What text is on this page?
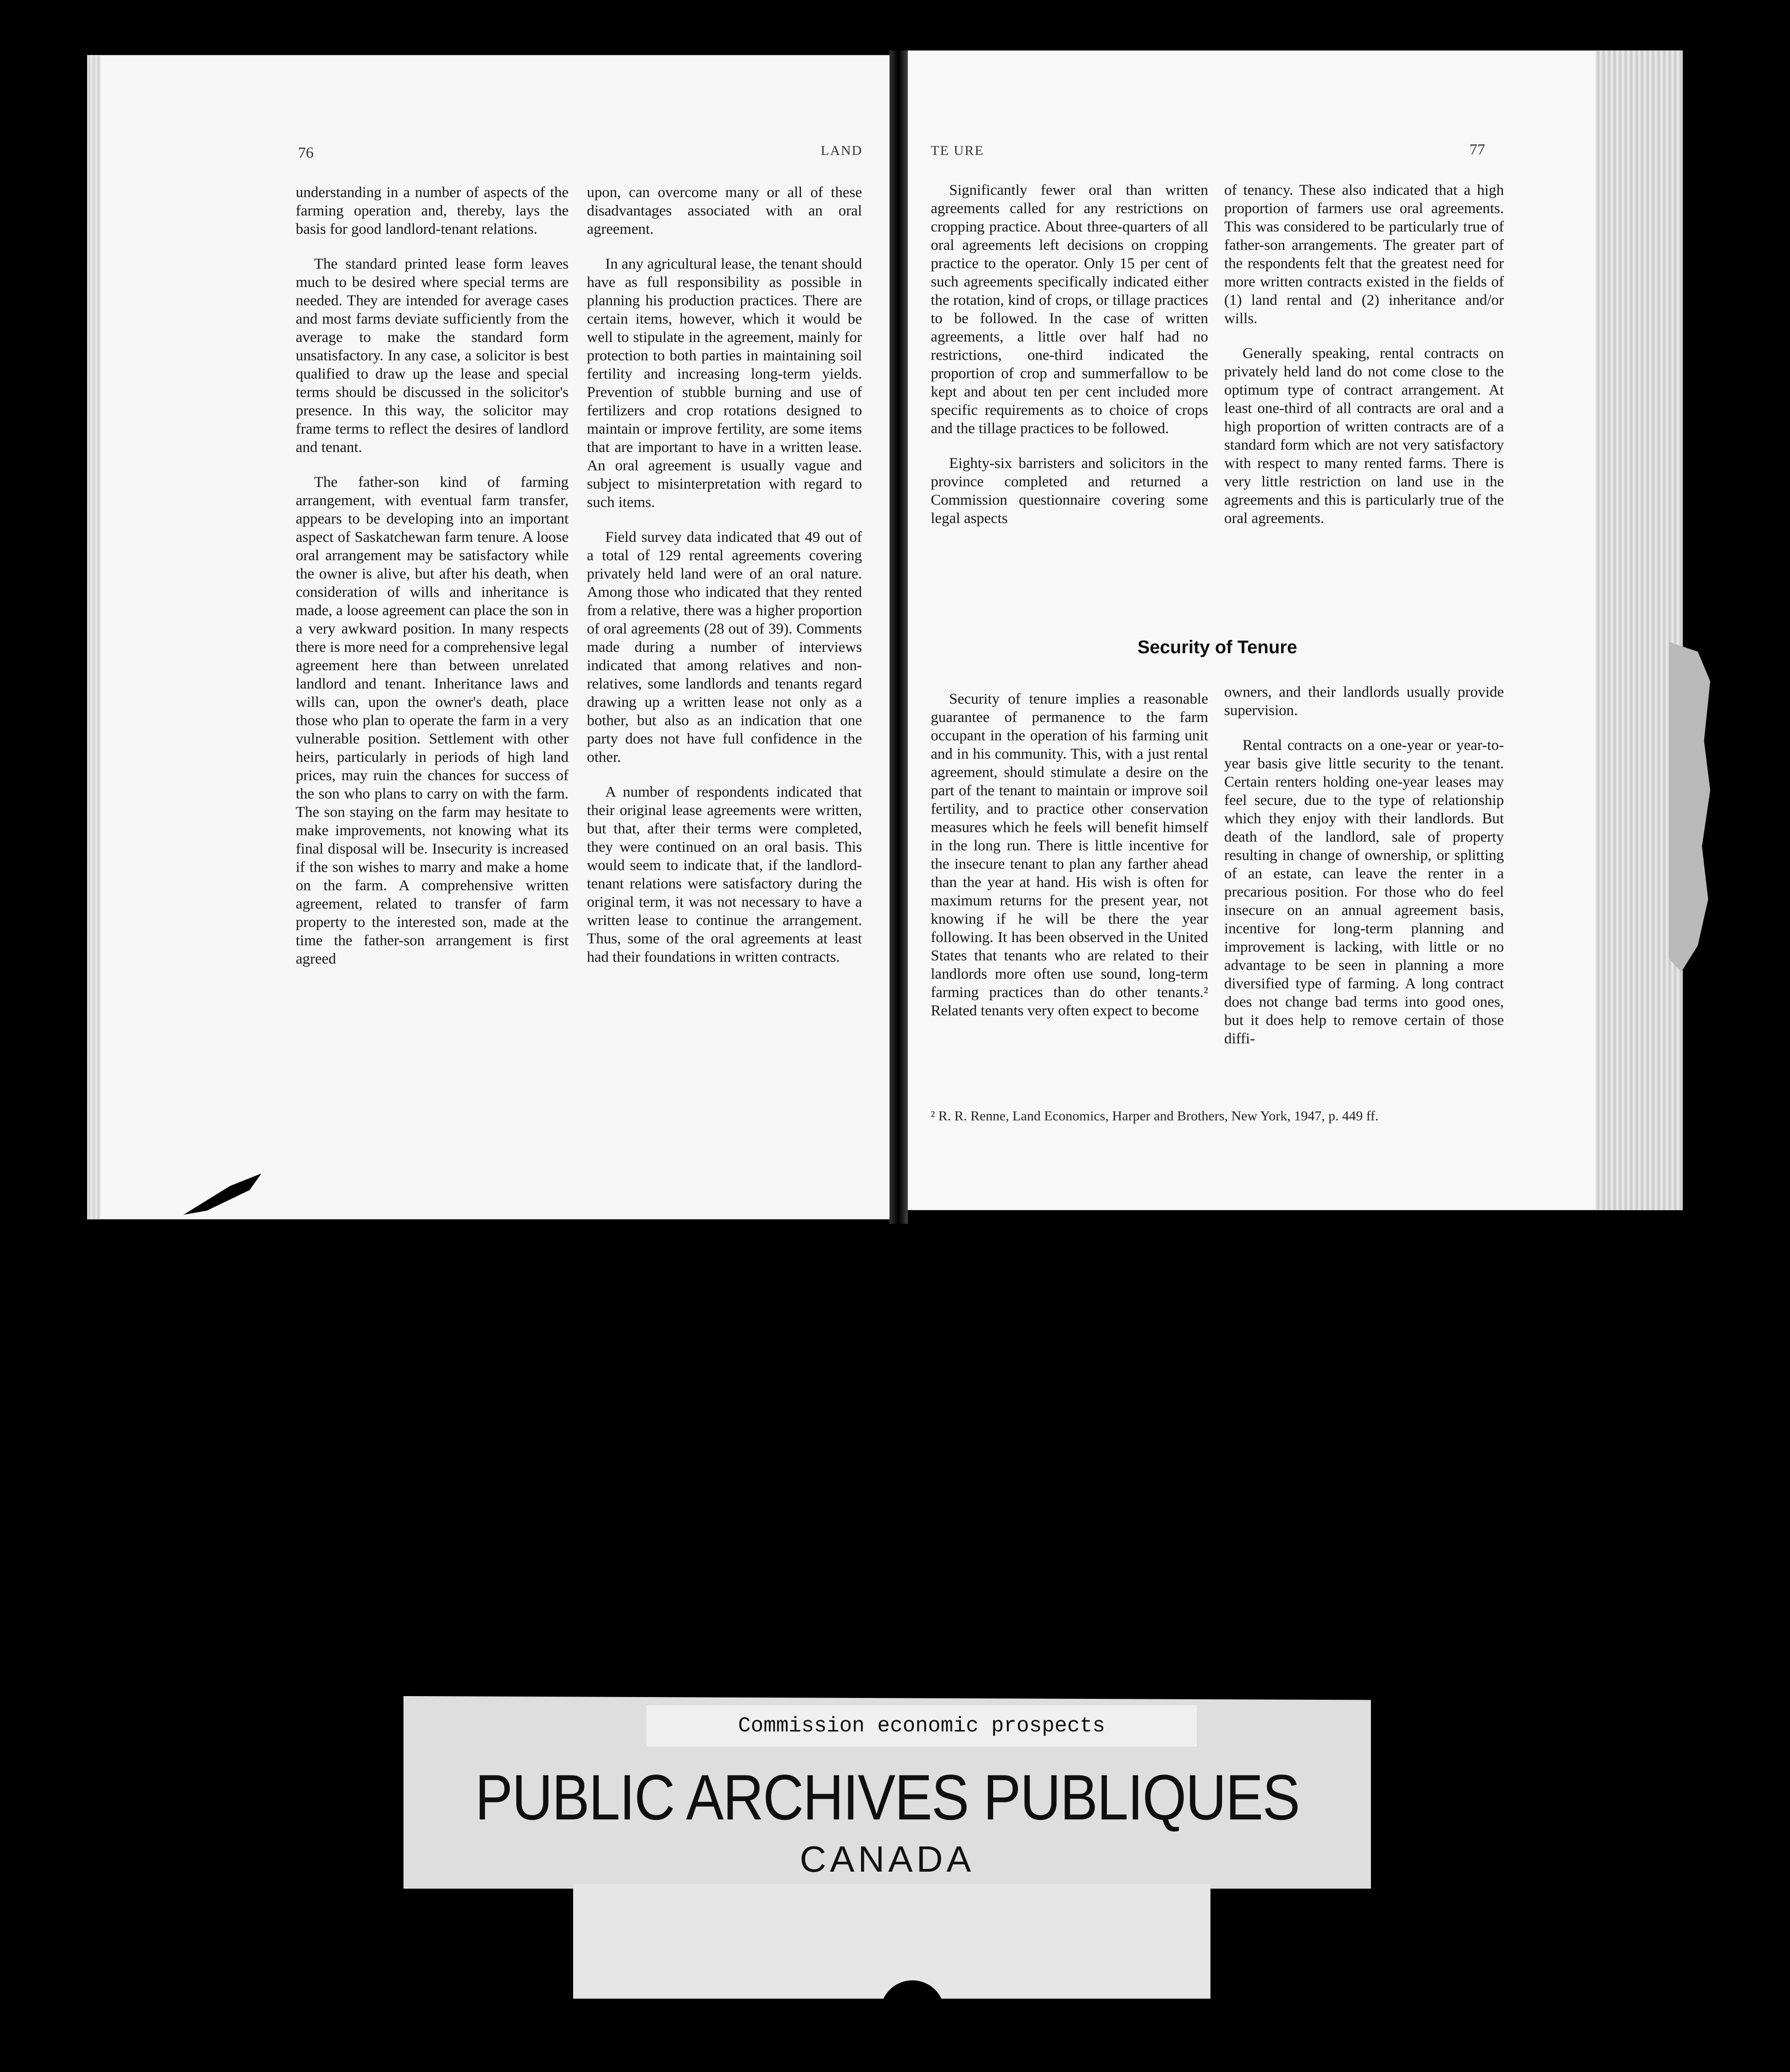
76	LAND	TE URE	77

understanding in a number of aspects of the farming operation and, thereby, lays the basis for good landlord-tenant relations.

The standard printed lease form leaves much to be desired where special terms are needed. They are intended for average cases and most farms deviate sufficiently from the average to make the standard form unsatisfactory. In any case, a solicitor is best qualified to draw up the lease and special terms should be discussed in the solicitor's presence. In this way, the solicitor may frame terms to reflect the desires of landlord and tenant.

The father-son kind of farming arrangement, with eventual farm transfer, appears to be developing into an important aspect of Saskatchewan farm tenure. A loose oral arrangement may be satisfactory while the owner is alive, but after his death, when consideration of wills and inheritance is made, a loose agreement can place the son in a very awkward position. In many respects there is more need for a comprehensive legal agreement here than between unrelated landlord and tenant. Inheritance laws and wills can, upon the owner's death, place those who plan to operate the farm in a very vulnerable position. Settlement with other heirs, particularly in periods of high land prices, may ruin the chances for success of the son who plans to carry on with the farm. The son staying on the farm may hesitate to make improvements, not knowing what its final disposal will be. Insecurity is increased if the son wishes to marry and make a home on the farm. A comprehensive written agreement, related to transfer of farm property to the interested son, made at the time the father-son arrangement is first agreed

upon, can overcome many or all of these disadvantages associated with an oral agreement.

In any agricultural lease, the tenant should have as full responsibility as possible in planning his production practices. There are certain items, however, which it would be well to stipulate in the agreement, mainly for protection to both parties in maintaining soil fertility and increasing long-term yields. Prevention of stubble burning and use of fertilizers and crop rotations designed to maintain or improve fertility, are some items that are important to have in a written lease. An oral agreement is usually vague and subject to misinterpretation with regard to such items.

Field survey data indicated that 49 out of a total of 129 rental agreements covering privately held land were of an oral nature. Among those who indicated that they rented from a relative, there was a higher proportion of oral agreements (28 out of 39). Comments made during a number of interviews indicated that among relatives and non-relatives, some landlords and tenants regard drawing up a written lease not only as a bother, but also as an indication that one party does not have full confidence in the other.

A number of respondents indicated that their original lease agreements were written, but that, after their terms were completed, they were continued on an oral basis. This would seem to indicate that, if the landlord-tenant relations were satisfactory during the original term, it was not necessary to have a written lease to continue the arrangement. Thus, some of the oral agreements at least had their foundations in written contracts.

Significantly fewer oral than written agreements called for any restrictions on cropping practice. About three-quarters of all oral agreements left decisions on cropping practice to the operator. Only 15 per cent of such agreements specifically indicated either the rotation, kind of crops, or tillage practices to be followed. In the case of written agreements, a little over half had no restrictions, one-third indicated the proportion of crop and summerfallow to be kept and about ten per cent included more specific requirements as to choice of crops and the tillage practices to be followed.

Eighty-six barristers and solicitors in the province completed and returned a Commission questionnaire covering some legal aspects

of tenancy. These also indicated that a high proportion of farmers use oral agreements. This was considered to be particularly true of father-son arrangements. The greater part of the respondents felt that the greatest need for more written contracts existed in the fields of (1) land rental and (2) inheritance and/or wills.

Generally speaking, rental contracts on privately held land do not come close to the optimum type of contract arrangement. At least one-third of all contracts are oral and a high proportion of written contracts are of a standard form which are not very satisfactory with respect to many rented farms. There is very little restriction on land use in the agreements and this is particularly true of the oral agreements.

Security of Tenure

Security of tenure implies a reasonable guarantee of permanence to the farm occupant in the operation of his farming unit and in his community. This, with a just rental agreement, should stimulate a desire on the part of the tenant to maintain or improve soil fertility, and to practice other conservation measures which he feels will benefit himself in the long run. There is little incentive for the insecure tenant to plan any farther ahead than the year at hand. His wish is often for maximum returns for the present year, not knowing if he will be there the year following. It has been observed in the United States that tenants who are related to their landlords more often use sound, long-term farming practices than do other tenants.² Related tenants very often expect to become

owners, and their landlords usually provide supervision.

Rental contracts on a one-year or year-to-year basis give little security to the tenant. Certain renters holding one-year leases may feel secure, due to the type of relationship which they enjoy with their landlords. But death of the landlord, sale of property resulting in change of ownership, or splitting of an estate, can leave the renter in a precarious position. For those who do feel insecure on an annual agreement basis, incentive for long-term planning and improvement is lacking, with little or no advantage to be seen in planning a more diversified type of farming. A long contract does not change bad terms into good ones, but it does help to remove certain of those diffi-

² R. R. Renne, Land Economics, Harper and Brothers, New York, 1947, p. 449 ff.
Commission economic prospects
PUBLIC ARCHIVES PUBLIQUES
CANADA
